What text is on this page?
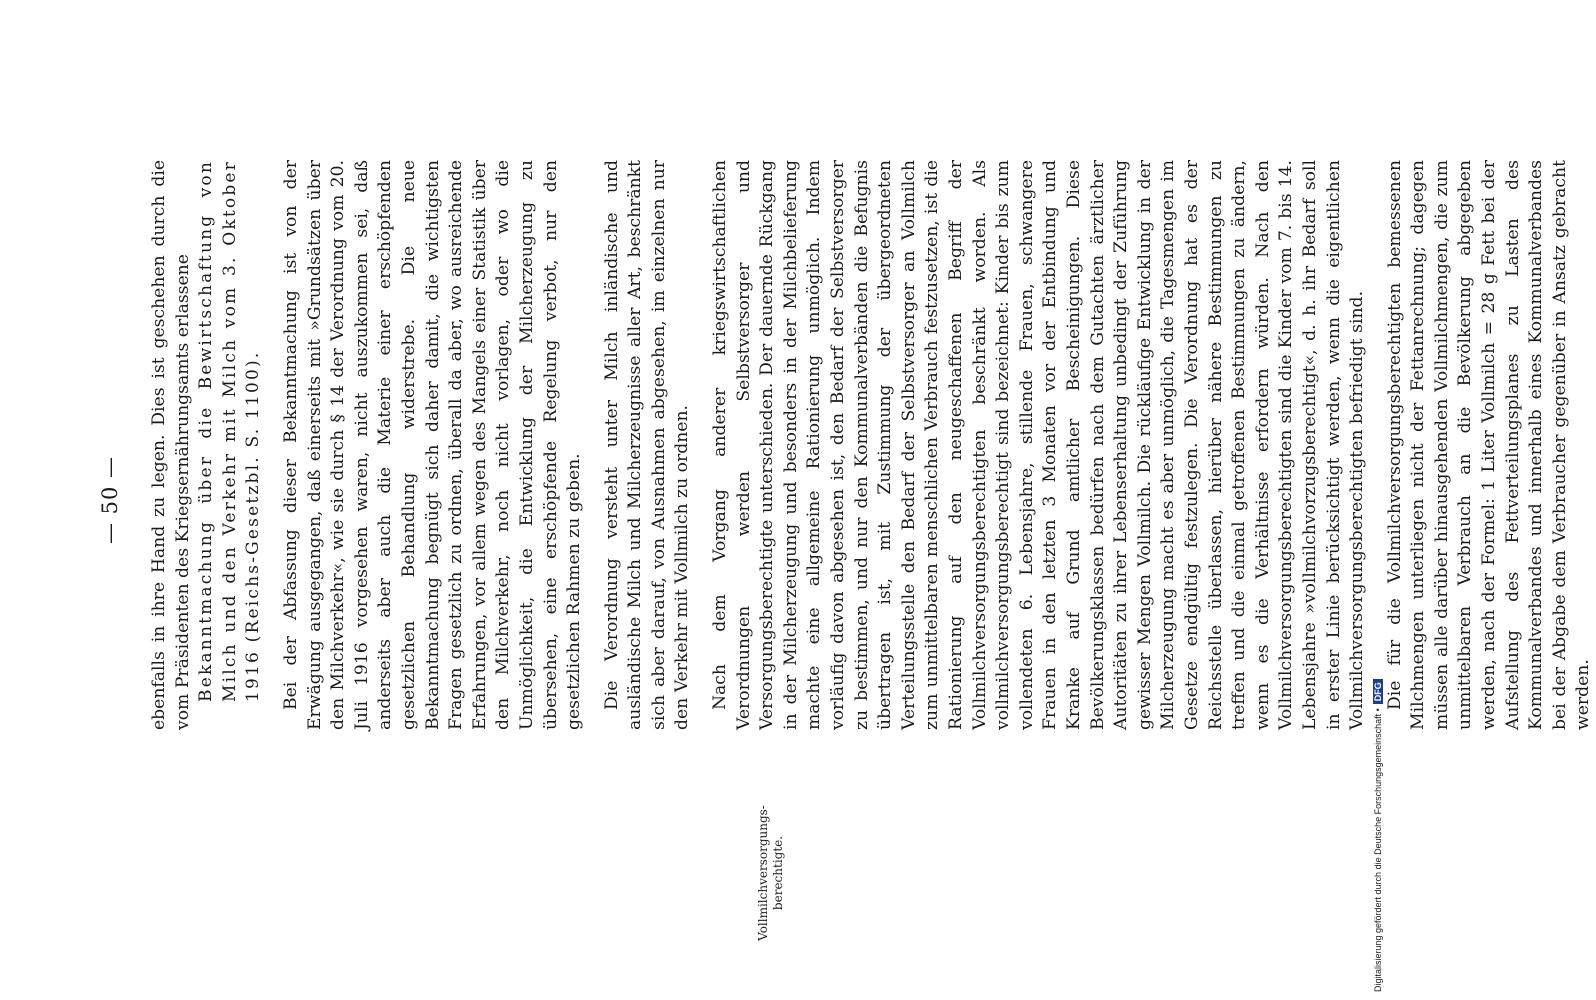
— 50 —
Vollmilchversorgungs-berechtigte.

ebenfalls in ihre Hand zu legen. Dies ist geschehen durch die vom Präsidenten des Kriegsernährungsamts erlassene Bekanntmachung über die Bewirtschaftung von Milch und den Verkehr mit Milch vom 3. Oktober 1916 (Reichs-Gesetzbl. S. 1100). Bei der Abfassung dieser Bekanntmachung ist von der Erwägung ausgegangen, daß einerseits mit »Grundsätzen über den Milchverkehr«, wie sie durch § 14 der Verordnung vom 20. Juli 1916 vorgesehen waren, nicht auszukommen sei, daß anderseits aber auch die Materie einer erschöpfenden gesetzlichen Behandlung widerstrebe. Die neue Bekanntmachung begnügt sich daher damit, die wichtigsten Fragen gesetzlich zu ordnen, überall da aber, wo ausreichende Erfahrungen, vor allem wegen des Mangels einer Statistik über den Milchverkehr, noch nicht vorlagen, oder wo die Unmöglichkeit, die Entwicklung der Milcherzeugung zu übersehen, eine erschöpfende Regelung verbot, nur den gesetzlichen Rahmen zu geben. Die Verordnung versteht unter Milch inländische und ausländische Milch und Milcherzeugnisse aller Art, beschränkt sich aber darauf, von Ausnahmen abgesehen, im einzelnen nur den Verkehr mit Vollmilch zu ordnen. Nach dem Vorgang anderer kriegswirtschaftlichen Verordnungen werden Selbstversorger und Versorgungsberechtigte unterschieden. Der dauernde Rückgang in der Milcherzeugung und besonders in der Milchbelieferung machte eine allgemeine Rationierung unmöglich. Indem vorläufig davon abgesehen ist, den Bedarf der Selbstversorger zu bestimmen, und nur den Kommunalverbänden die Befugnis übertragen ist, mit Zustimmung der übergeordneten Verteilungsstelle den Bedarf der Selbstversorger an Vollmilch zum unmittelbaren menschlichen Verbrauch festzusetzen, ist die Rationierung auf den neugeschaffenen Begriff der Vollmilchversorgungsberechtigten beschränkt worden. Als vollmilchversorgungsberechtigt sind bezeichnet: Kinder bis zum vollendeten 6. Lebensjahre, stillende Frauen, schwangere Frauen in den letzten 3 Monaten vor der Entbindung und Kranke auf Grund amtlicher Bescheinigungen. Diese Bevölkerungsklassen bedürfen nach dem Gutachten ärztlicher Autoritäten zu ihrer Lebenserhaltung unbedingt der Zuführung gewisser Mengen Vollmilch. Die rückläufige Entwicklung in der Milcherzeugung macht es aber unmöglich, die Tagesmengen im Gesetze endgültig festzulegen. Die Verordnung hat es der Reichsstelle überlassen, hierüber nähere Bestimmungen zu treffen und die einmal getroffenen Bestimmungen zu ändern, wenn es die Verhältnisse erfordern würden. Nach den Vollmilchversorgungsberechtigten sind die Kinder vom 7. bis 14. Lebensjahre »vollmilchvorzugsberechtigt«, d. h. ihr Bedarf soll in erster Linie berücksichtigt werden, wenn die eigentlichen Vollmilchversorgungsberechtigten befriedigt sind. Die für die Vollmilchversorgungsberechtigten bemessenen Milchmengen unterliegen nicht der Fettanrechnung; dagegen müssen alle darüber hinausgehenden Vollmilchmengen, die zum unmittelbaren Verbrauch an die Bevölkerung abgegeben werden, nach der Formel: 1 Liter Vollmilch = 28 g Fett bei der Aufstellung des Fettverteilungsplanes zu Lasten des Kommunalverbandes und innerhalb eines Kommunalverbandes bei der Abgabe dem Verbraucher gegenüber in Ansatz gebracht werden.

Digitalisierung gefördert durch die Deutsche Forschungsgemeinschaft •DFG
